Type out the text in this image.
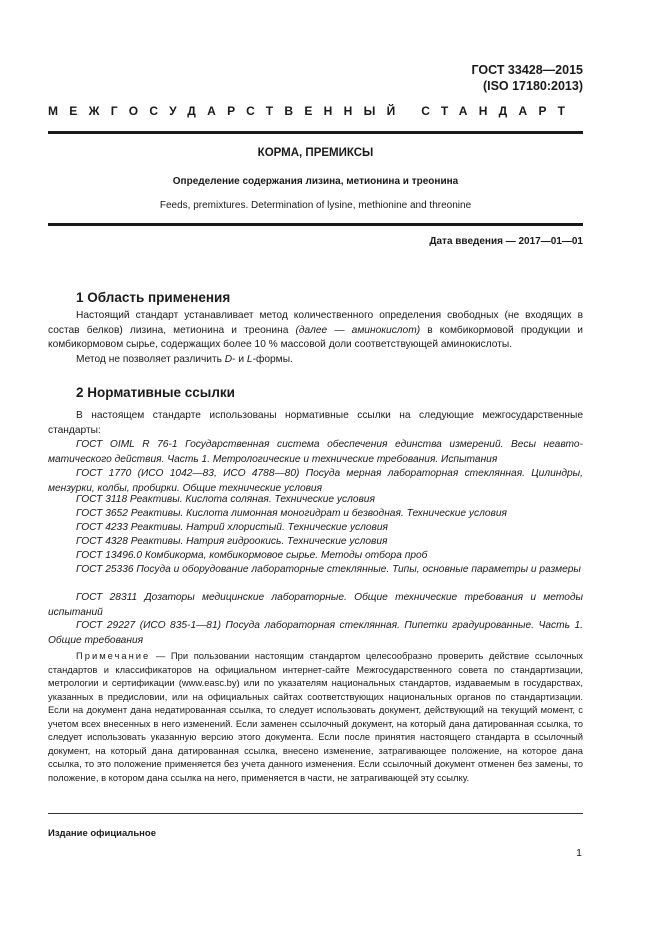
ГОСТ 33428—2015
(ISO 17180:2013)
МЕЖГОСУДАРСТВЕННЫЙ СТАНДАРТ
КОРМА, ПРЕМИКСЫ
Определение содержания лизина, метионина и треонина
Feeds, premixtures. Determination of lysine, methionine and threonine
Дата введения — 2017—01—01
1 Область применения

Настоящий стандарт устанавливает метод количественного определения свободных (не входящих в состав белков) лизина, метионина и треонина (далее — аминокислот) в комбикормовой продукции и комбикормовом сырье, содержащих более 10 % массовой доли соответствующей аминокислоты.

Метод не позволяет различить D- и L-формы.

2 Нормативные ссылки

В настоящем стандарте использованы нормативные ссылки на следующие межгосударственные стандарты:

ГОСТ OIML R 76-1 Государственная система обеспечения единства измерений. Весы неавтоматического действия. Часть 1. Метрологические и технические требования. Испытания

ГОСТ 1770 (ИСО 1042—83, ИСО 4788—80) Посуда мерная лабораторная стеклянная. Цилиндры, мензурки, колбы, пробирки. Общие технические условия

ГОСТ 3118 Реактивы. Кислота соляная. Технические условия

ГОСТ 3652 Реактивы. Кислота лимонная моногидрат и безводная. Технические условия

ГОСТ 4233 Реактивы. Натрий хлористый. Технические условия

ГОСТ 4328 Реактивы. Натрия гидроокись. Технические условия

ГОСТ 13496.0 Комбикорма, комбикормовое сырье. Методы отбора проб

ГОСТ 25336 Посуда и оборудование лабораторные стеклянные. Типы, основные параметры и размеры

ГОСТ 28311 Дозаторы медицинские лабораторные. Общие технические требования и методы испытаний

ГОСТ 29227 (ИСО 835-1—81) Посуда лабораторная стеклянная. Пипетки градуированные. Часть 1. Общие требования

Примечание — При пользовании настоящим стандартом целесообразно проверить действие ссылочных стандартов и классификаторов на официальном интернет-сайте Межгосударственного совета по стандартизации, метрологии и сертификации (www.easc.by) или по указателям национальных стандартов, издаваемым в государствах, указанных в предисловии, или на официальных сайтах соответствующих национальных органов по стандартизации. Если на документ дана недатированная ссылка, то следует использовать документ, действующий на текущий момент, с учетом всех внесенных в него изменений. Если заменен ссылочный документ, на который дана датированная ссылка, то следует использовать указанную версию этого документа. Если после принятия настоящего стандарта в ссылочный документ, на который дана датированная ссылка, внесено изменение, затрагивающее положение, на которое дана ссылка, то это положение применяется без учета данного изменения. Если ссылочный документ отменен без замены, то положение, в котором дана ссылка на него, применяется в части, не затрагивающей эту ссылку.

Издание официальное
1
